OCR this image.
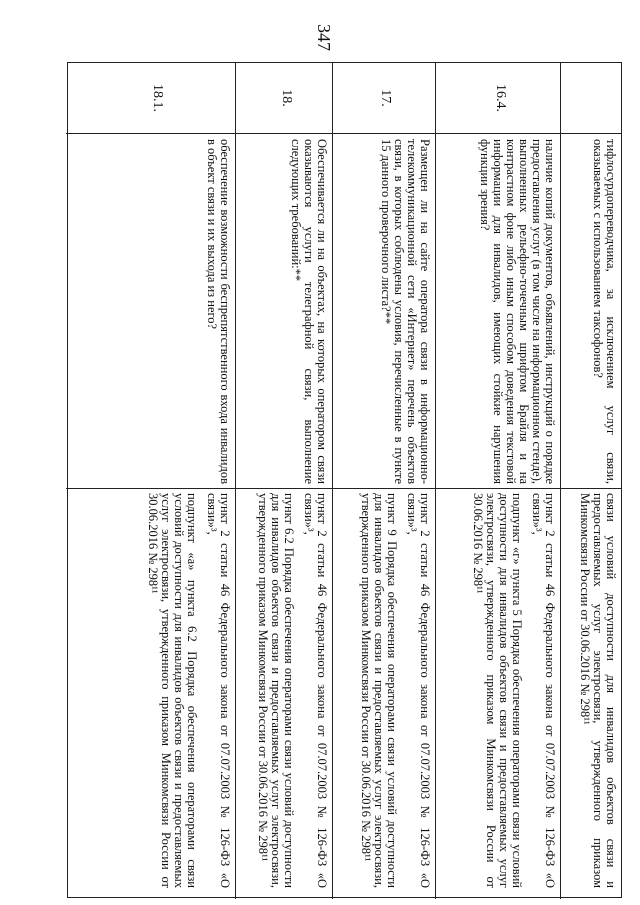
347
тифлосурдопереводчика, за исключением услуг связи, оказываемых с использованием таксофонов?

связи условий доступности для инвалидов объектов связи и предоставляемых услуг электросвязи, утвержденного приказом Минкомсвязи России от 30.06.2016 № 298¹¹

16.4.
наличие копий документов, объявлений, инструкций о порядке предоставления услуг (в том числе на информационном стенде), выполненных рельефно-точечным шрифтом Брайля и на контрастном фоне либо иным способом доведения текстовой информации для инвалидов, имеющих стойкие нарушения функции зрения?

пункт 2 статьи 46 Федерального закона от 07.07.2003 № 126-ФЗ «О связи»³,

подпункт «г» пункта 5 Порядка обеспечения операторами связи условий доступности для инвалидов объектов связи и предоставляемых услуг электросвязи, утвержденного приказом Минкомсвязи России от 30.06.2016 № 298¹¹

17.
Размещен ли на сайте оператора связи в информационно-телекоммуникационной сети «Интернет» перечень объектов связи, в которых соблюдены условия, перечисленные в пункте 15 данного проверочного листа?**

пункт 2 статьи 46 Федерального закона от 07.07.2003 № 126-ФЗ «О связи»³,

пункт 9 Порядка обеспечения операторами связи условий доступности для инвалидов объектов связи и предоставляемых услуг электросвязи, утвержденного приказом Минкомсвязи России от 30.06.2016 № 298¹¹

18.
Обеспечивается ли на объектах, на которых оператором связи оказываются услуги телеграфной связи, выполнение следующих требований:**

пункт 2 статьи 46 Федерального закона от 07.07.2003 № 126-ФЗ «О связи»³,

пункт 6.2 Порядка обеспечения операторами связи условий доступности для инвалидов объектов связи и предоставляемых услуг электросвязи, утвержденного приказом Минкомсвязи России от 30.06.2016 № 298¹¹

18.1.
обеспечение возможности беспрепятственного входа инвалидов в объект связи и их выхода из него?

пункт 2 статьи 46 Федерального закона от 07.07.2003 № 126-ФЗ «О связи»³,

подпункт «а» пункта 6.2 Порядка обеспечения операторами связи условий доступности для инвалидов объектов связи и предоставляемых услуг электросвязи, утвержденного приказом Минкомсвязи России от 30.06.2016 № 298¹¹
